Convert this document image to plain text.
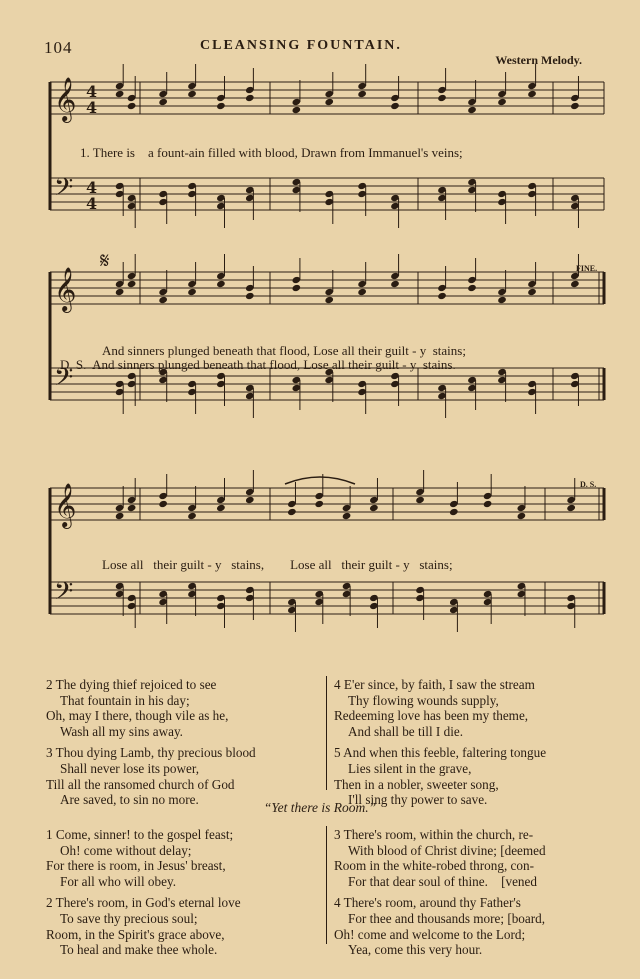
104	CLEANSING FOUNTAIN.
Western Melody.
𝄞 4
4
𝄢 4
4
𝄞
𝄢
𝄞
𝄢
𝄋
1. There is    a fount-ain filled with blood, Drawn from Immanuel's veins;
And sinners plunged beneath that flood, Lose all their guilt - y  stains;
D. S.  And sinners plunged beneath that flood, Lose all their guilt - y  stains.
Lose all   their guilt - y   stains,        Lose all   their guilt - y   stains;
FINE.
D. S.
2 The dying thief rejoiced to see
That fountain in his day;
Oh, may I there, though vile as he,
Wash all my sins away.
3 Thou dying Lamb, thy precious blood
Shall never lose its power,
Till all the ransomed church of God
Are saved, to sin no more.
4 E'er since, by faith, I saw the stream
Thy flowing wounds supply,
Redeeming love has been my theme,
And shall be till I die.
5 And when this feeble, faltering tongue
Lies silent in the grave,
Then in a nobler, sweeter song,
I'll sing thy power to save.
“Yet there is Room.”
1 Come, sinner! to the gospel feast;
Oh! come without delay;
For there is room, in Jesus' breast,
For all who will obey.
2 There's room, in God's eternal love
To save thy precious soul;
Room, in the Spirit's grace above,
To heal and make thee whole.
3 There's room, within the church, re-
With blood of Christ divine; [deemed
Room in the white-robed throng, con-
For that dear soul of thine.    [vened
4 There's room, around thy Father's
For thee and thousands more; [board,
Oh! come and welcome to the Lord;
Yea, come this very hour.
